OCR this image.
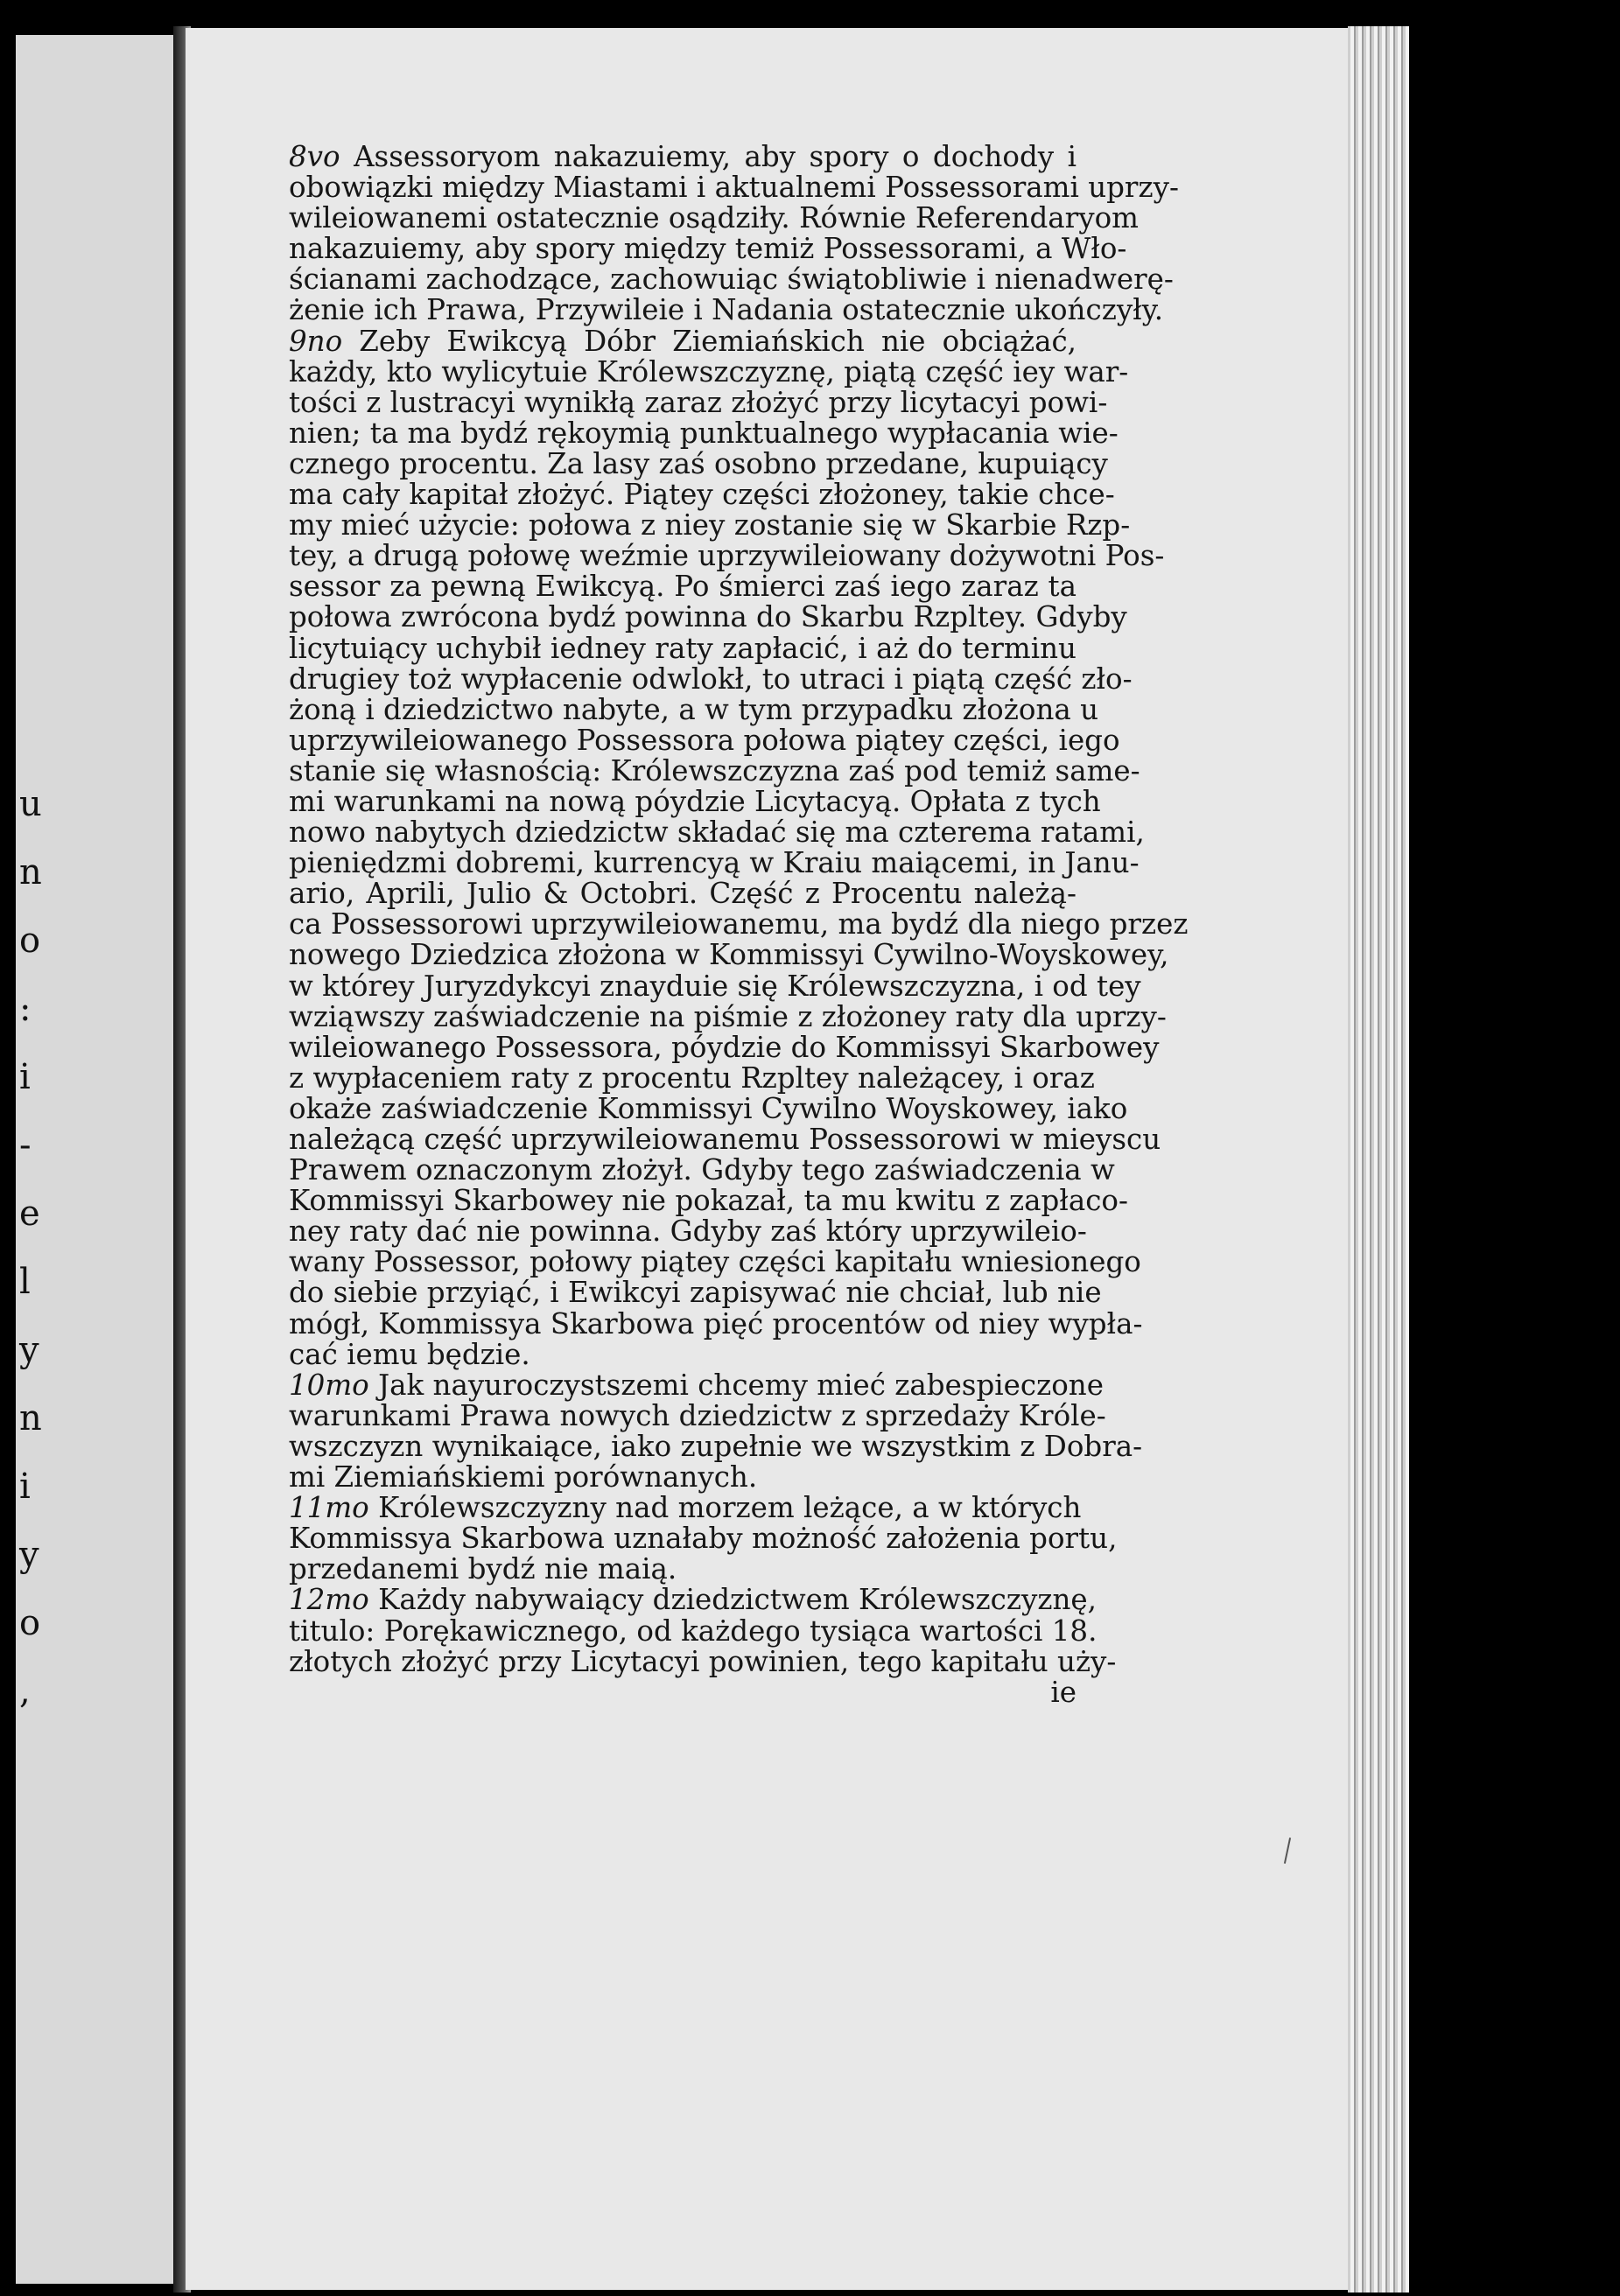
u
n
o
:
i
-
e
l
y
n
i
y
o
,
8vo Assessoryom nakazuiemy, aby spory o dochody i
obowiązki między Miastami i aktualnemi Possessorami uprzy-
wileiowanemi ostatecznie osądziły. Równie Referendaryom
nakazuiemy, aby spory między temiż Possessorami, a Wło-
ścianami zachodzące, zachowuiąc świątobliwie i nienadwerę-
żenie ich Prawa, Przywileie i Nadania ostatecznie ukończyły.
9no Zeby Ewikcyą Dóbr Ziemiańskich nie obciążać,
każdy, kto wylicytuie Królewszczyznę, piątą część iey war-
tości z lustracyi wynikłą zaraz złożyć przy licytacyi powi-
nien; ta ma bydź rękoymią punktualnego wypłacania wie-
cznego procentu. Za lasy zaś osobno przedane, kupuiący
ma cały kapitał złożyć. Piątey części złożoney, takie chce-
my mieć użycie: połowa z niey zostanie się w Skarbie Rzp-
tey, a drugą połowę weźmie uprzywileiowany dożywotni Pos-
sessor za pewną Ewikcyą. Po śmierci zaś iego zaraz ta
połowa zwrócona bydź powinna do Skarbu Rzpltey. Gdyby
licytuiący uchybił iedney raty zapłacić, i aż do terminu
drugiey toż wypłacenie odwlokł, to utraci i piątą część zło-
żoną i dziedzictwo nabyte, a w tym przypadku złożona u
uprzywileiowanego Possessora połowa piątey części, iego
stanie się własnością: Królewszczyzna zaś pod temiż same-
mi warunkami na nową póydzie Licytacyą. Opłata z tych
nowo nabytych dziedzictw składać się ma czterema ratami,
pieniędzmi dobremi, kurrencyą w Kraiu maiącemi, in Janu-
ario, Aprili, Julio & Octobri. Część z Procentu należą-
ca Possessorowi uprzywileiowanemu, ma bydź dla niego przez
nowego Dziedzica złożona w Kommissyi Cywilno-Woyskowey,
w którey Juryzdykcyi znayduie się Królewszczyzna, i od tey
wziąwszy zaświadczenie na piśmie z złożoney raty dla uprzy-
wileiowanego Possessora, póydzie do Kommissyi Skarbowey
z wypłaceniem raty z procentu Rzpltey należącey, i oraz
okaże zaświadczenie Kommissyi Cywilno Woyskowey, iako
należącą część uprzywileiowanemu Possessorowi w mieyscu
Prawem oznaczonym złożył. Gdyby tego zaświadczenia w
Kommissyi Skarbowey nie pokazał, ta mu kwitu z zapłaco-
ney raty dać nie powinna. Gdyby zaś który uprzywileio-
wany Possessor, połowy piątey części kapitału wniesionego
do siebie przyiąć, i Ewikcyi zapisywać nie chciał, lub nie
mógł, Kommissya Skarbowa pięć procentów od niey wypła-
cać iemu będzie.
10mo Jak nayuroczystszemi chcemy mieć zabespieczone
warunkami Prawa nowych dziedzictw z sprzedaży Króle-
wszczyzn wynikaiące, iako zupełnie we wszystkim z Dobra-
mi Ziemiańskiemi porównanych.
11mo Królewszczyzny nad morzem leżące, a w których
Kommissya Skarbowa uznałaby możność założenia portu,
przedanemi bydź nie maią.
12mo Każdy nabywaiący dziedzictwem Królewszczyznę,
titulo: Porękawicznego, od każdego tysiąca wartości 18.
złotych złożyć przy Licytacyi powinien, tego kapitału uży-
ie
